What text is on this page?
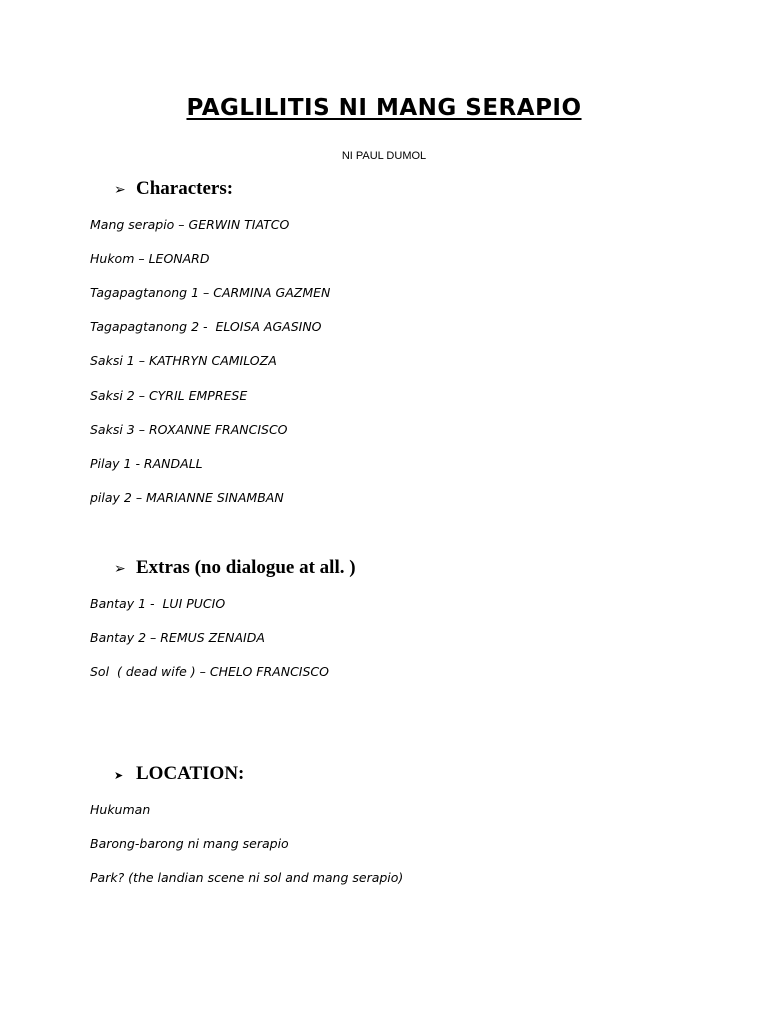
PAGLILITIS NI MANG SERAPIO
NI PAUL DUMOL
➢ Characters:
Mang serapio – GERWIN TIATCO
Hukom – LEONARD
Tagapagtanong 1 – CARMINA GAZMEN
Tagapagtanong 2 -  ELOISA AGASINO
Saksi 1 – KATHRYN CAMILOZA
Saksi 2 – CYRIL EMPRESE
Saksi 3 – ROXANNE FRANCISCO
Pilay 1 - RANDALL
pilay 2 – MARIANNE SINAMBAN
➢ Extras (no dialogue at all. )
Bantay 1 -  LUI PUCIO
Bantay 2 – REMUS ZENAIDA
Sol  ( dead wife ) – CHELO FRANCISCO
➤ LOCATION:
Hukuman
Barong-barong ni mang serapio
Park? (the landian scene ni sol and mang serapio)
